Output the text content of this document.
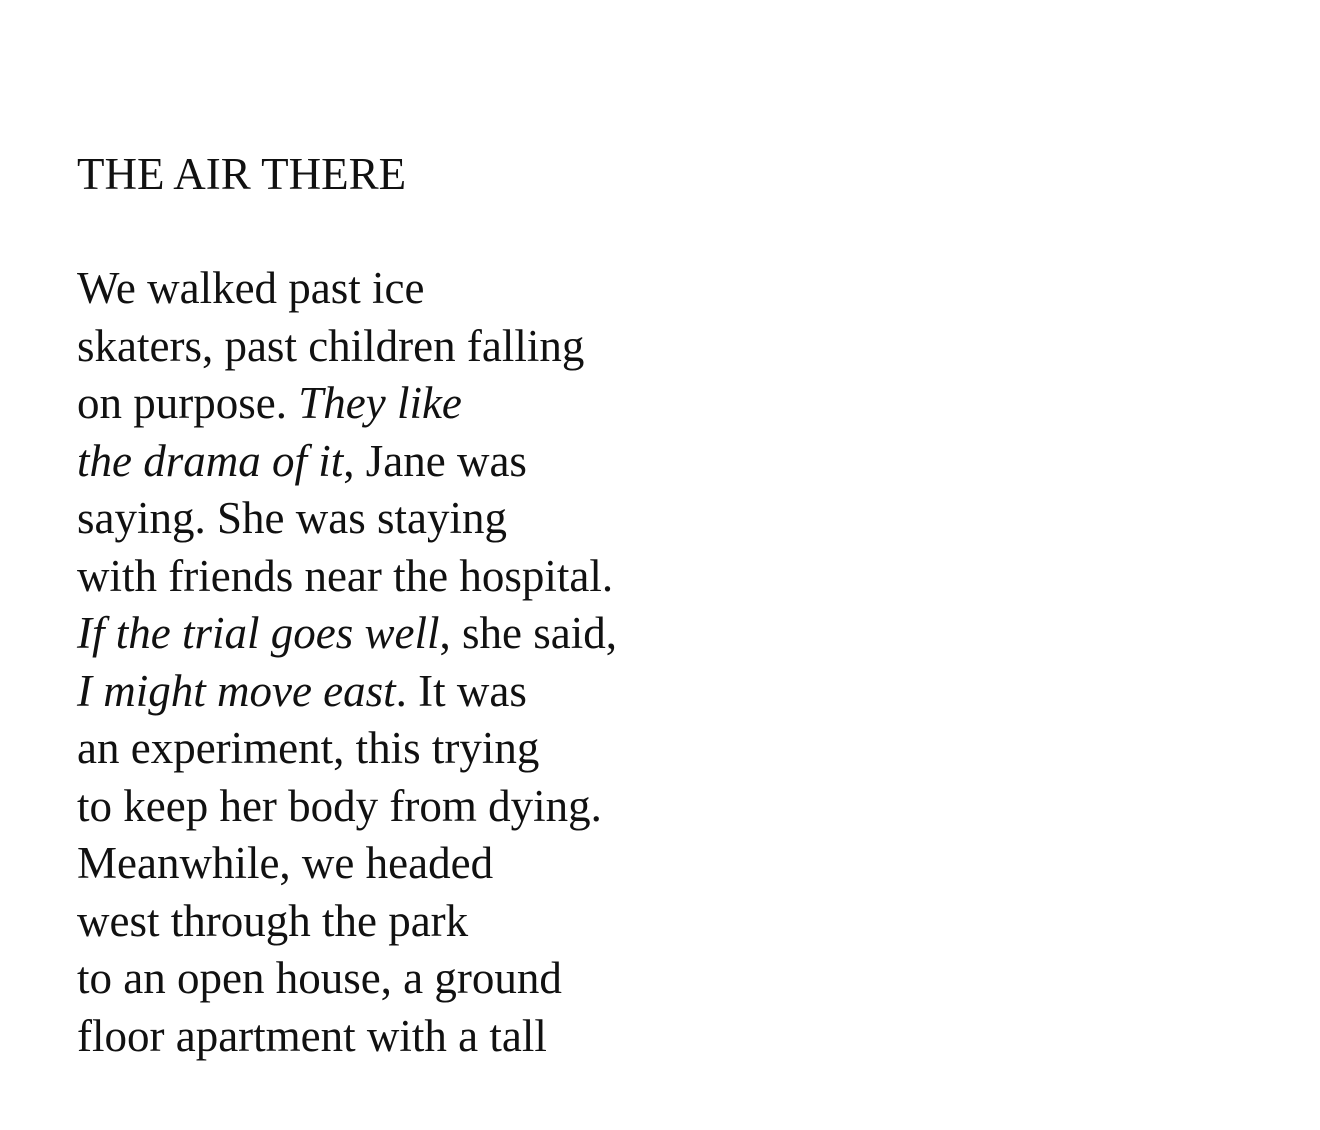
THE AIR THERE
We walked past ice
skaters, past children falling
on purpose. They like
the drama of it, Jane was
saying. She was staying
with friends near the hospital.
If the trial goes well, she said,
I might move east. It was
an experiment, this trying
to keep her body from dying.
Meanwhile, we headed
west through the park
to an open house, a ground
floor apartment with a tall
